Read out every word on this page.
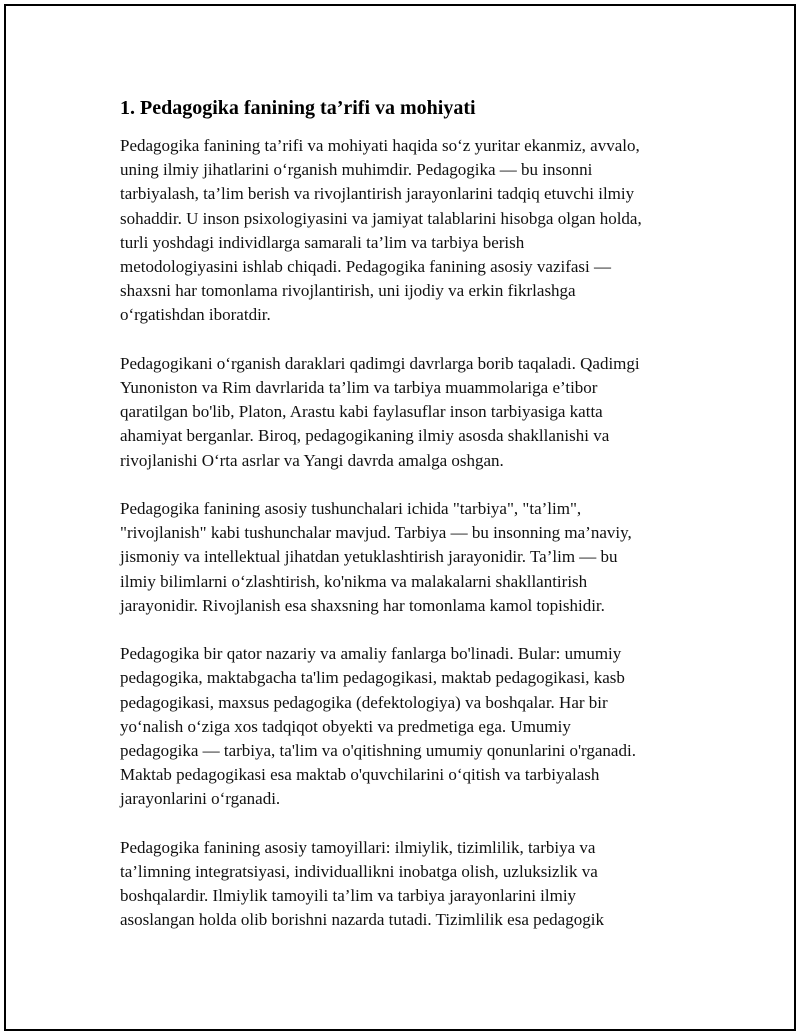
1. Pedagogika fanining ta’rifi va mohiyati

Pedagogika fanining ta’rifi va mohiyati haqida so‘z yuritar ekanmiz, avvalo,
uning ilmiy jihatlarini o‘rganish muhimdir. Pedagogika — bu insonni
tarbiyalash, ta’lim berish va rivojlantirish jarayonlarini tadqiq etuvchi ilmiy
sohaddir. U inson psixologiyasini va jamiyat talablarini hisobga olgan holda,
turli yoshdagi individlarga samarali ta’lim va tarbiya berish
metodologiyasini ishlab chiqadi. Pedagogika fanining asosiy vazifasi —
shaxsni har tomonlama rivojlantirish, uni ijodiy va erkin fikrlashga
o‘rgatishdan iboratdir.

Pedagogikani o‘rganish daraklari qadimgi davrlarga borib taqaladi. Qadimgi
Yunoniston va Rim davrlarida ta’lim va tarbiya muammolariga e’tibor
qaratilgan bo'lib, Platon, Arastu kabi faylasuflar inson tarbiyasiga katta
ahamiyat berganlar. Biroq, pedagogikaning ilmiy asosda shakllanishi va
rivojlanishi O‘rta asrlar va Yangi davrda amalga oshgan.

Pedagogika fanining asosiy tushunchalari ichida "tarbiya", "ta’lim",
"rivojlanish" kabi tushunchalar mavjud. Tarbiya — bu insonning ma’naviy,
jismoniy va intellektual jihatdan yetuklashtirish jarayonidir. Ta’lim — bu
ilmiy bilimlarni o‘zlashtirish, ko'nikma va malakalarni shakllantirish
jarayonidir. Rivojlanish esa shaxsning har tomonlama kamol topishidir.

Pedagogika bir qator nazariy va amaliy fanlarga bo'linadi. Bular: umumiy
pedagogika, maktabgacha ta'lim pedagogikasi, maktab pedagogikasi, kasb
pedagogikasi, maxsus pedagogika (defektologiya) va boshqalar. Har bir
yo‘nalish o‘ziga xos tadqiqot obyekti va predmetiga ega. Umumiy
pedagogika — tarbiya, ta'lim va o'qitishning umumiy qonunlarini o'rganadi.
Maktab pedagogikasi esa maktab o'quvchilarini o‘qitish va tarbiyalash
jarayonlarini o‘rganadi.

Pedagogika fanining asosiy tamoyillari: ilmiylik, tizimlilik, tarbiya va
ta’limning integratsiyasi, individuallikni inobatga olish, uzluksizlik va
boshqalardir. Ilmiylik tamoyili ta’lim va tarbiya jarayonlarini ilmiy
asoslangan holda olib borishni nazarda tutadi. Tizimlilik esa pedagogik
